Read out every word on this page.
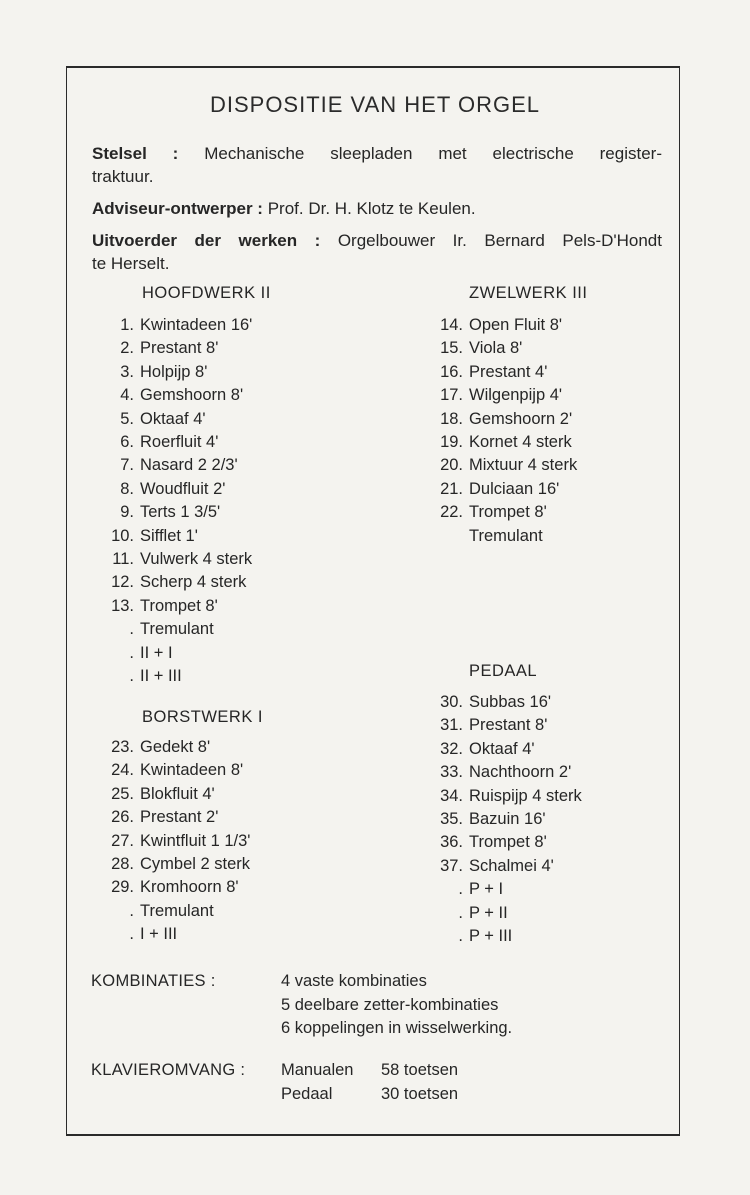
DISPOSITIE VAN HET ORGEL
Stelsel : Mechanische sleepladen met electrische register-
traktuur.
Adviseur-ontwerper : Prof. Dr. H. Klotz te Keulen.
Uitvoerder der werken : Orgelbouwer Ir. Bernard Pels-D'Hondt
te Herselt.
HOOFDWERK II
1. Kwintadeen 16'
2. Prestant 8'
3. Holpijp 8'
4. Gemshoorn 8'
5. Oktaaf 4'
6. Roerfluit 4'
7. Nasard 2 2/3'
8. Woudfluit 2'
9. Terts 1 3/5'
10. Sifflet 1'
11. Vulwerk 4 sterk
12. Scherp 4 sterk
13. Trompet 8'
. Tremulant
. II + I
. II + III
BORSTWERK I
23. Gedekt 8'
24. Kwintadeen 8'
25. Blokfluit 4'
26. Prestant 2'
27. Kwintfluit 1 1/3'
28. Cymbel 2 sterk
29. Kromhoorn 8'
. Tremulant
. I + III
ZWELWERK III
14. Open Fluit 8'
15. Viola 8'
16. Prestant 4'
17. Wilgenpijp 4'
18. Gemshoorn 2'
19. Kornet 4 sterk
20. Mixtuur 4 sterk
21. Dulciaan 16'
22. Trompet 8'
Tremulant
PEDAAL
30. Subbas 16'
31. Prestant 8'
32. Oktaaf 4'
33. Nachthoorn 2'
34. Ruispijp 4 sterk
35. Bazuin 16'
36. Trompet 8'
37. Schalmei 4'
. P + I
. P + II
. P + III
KOMBINATIES :	4 vaste kombinaties
5 deelbare zetter-kombinaties
6 koppelingen in wisselwerking.
KLAVIEROMVANG : Manualen	58 toetsen
Pedaal	30 toetsen
